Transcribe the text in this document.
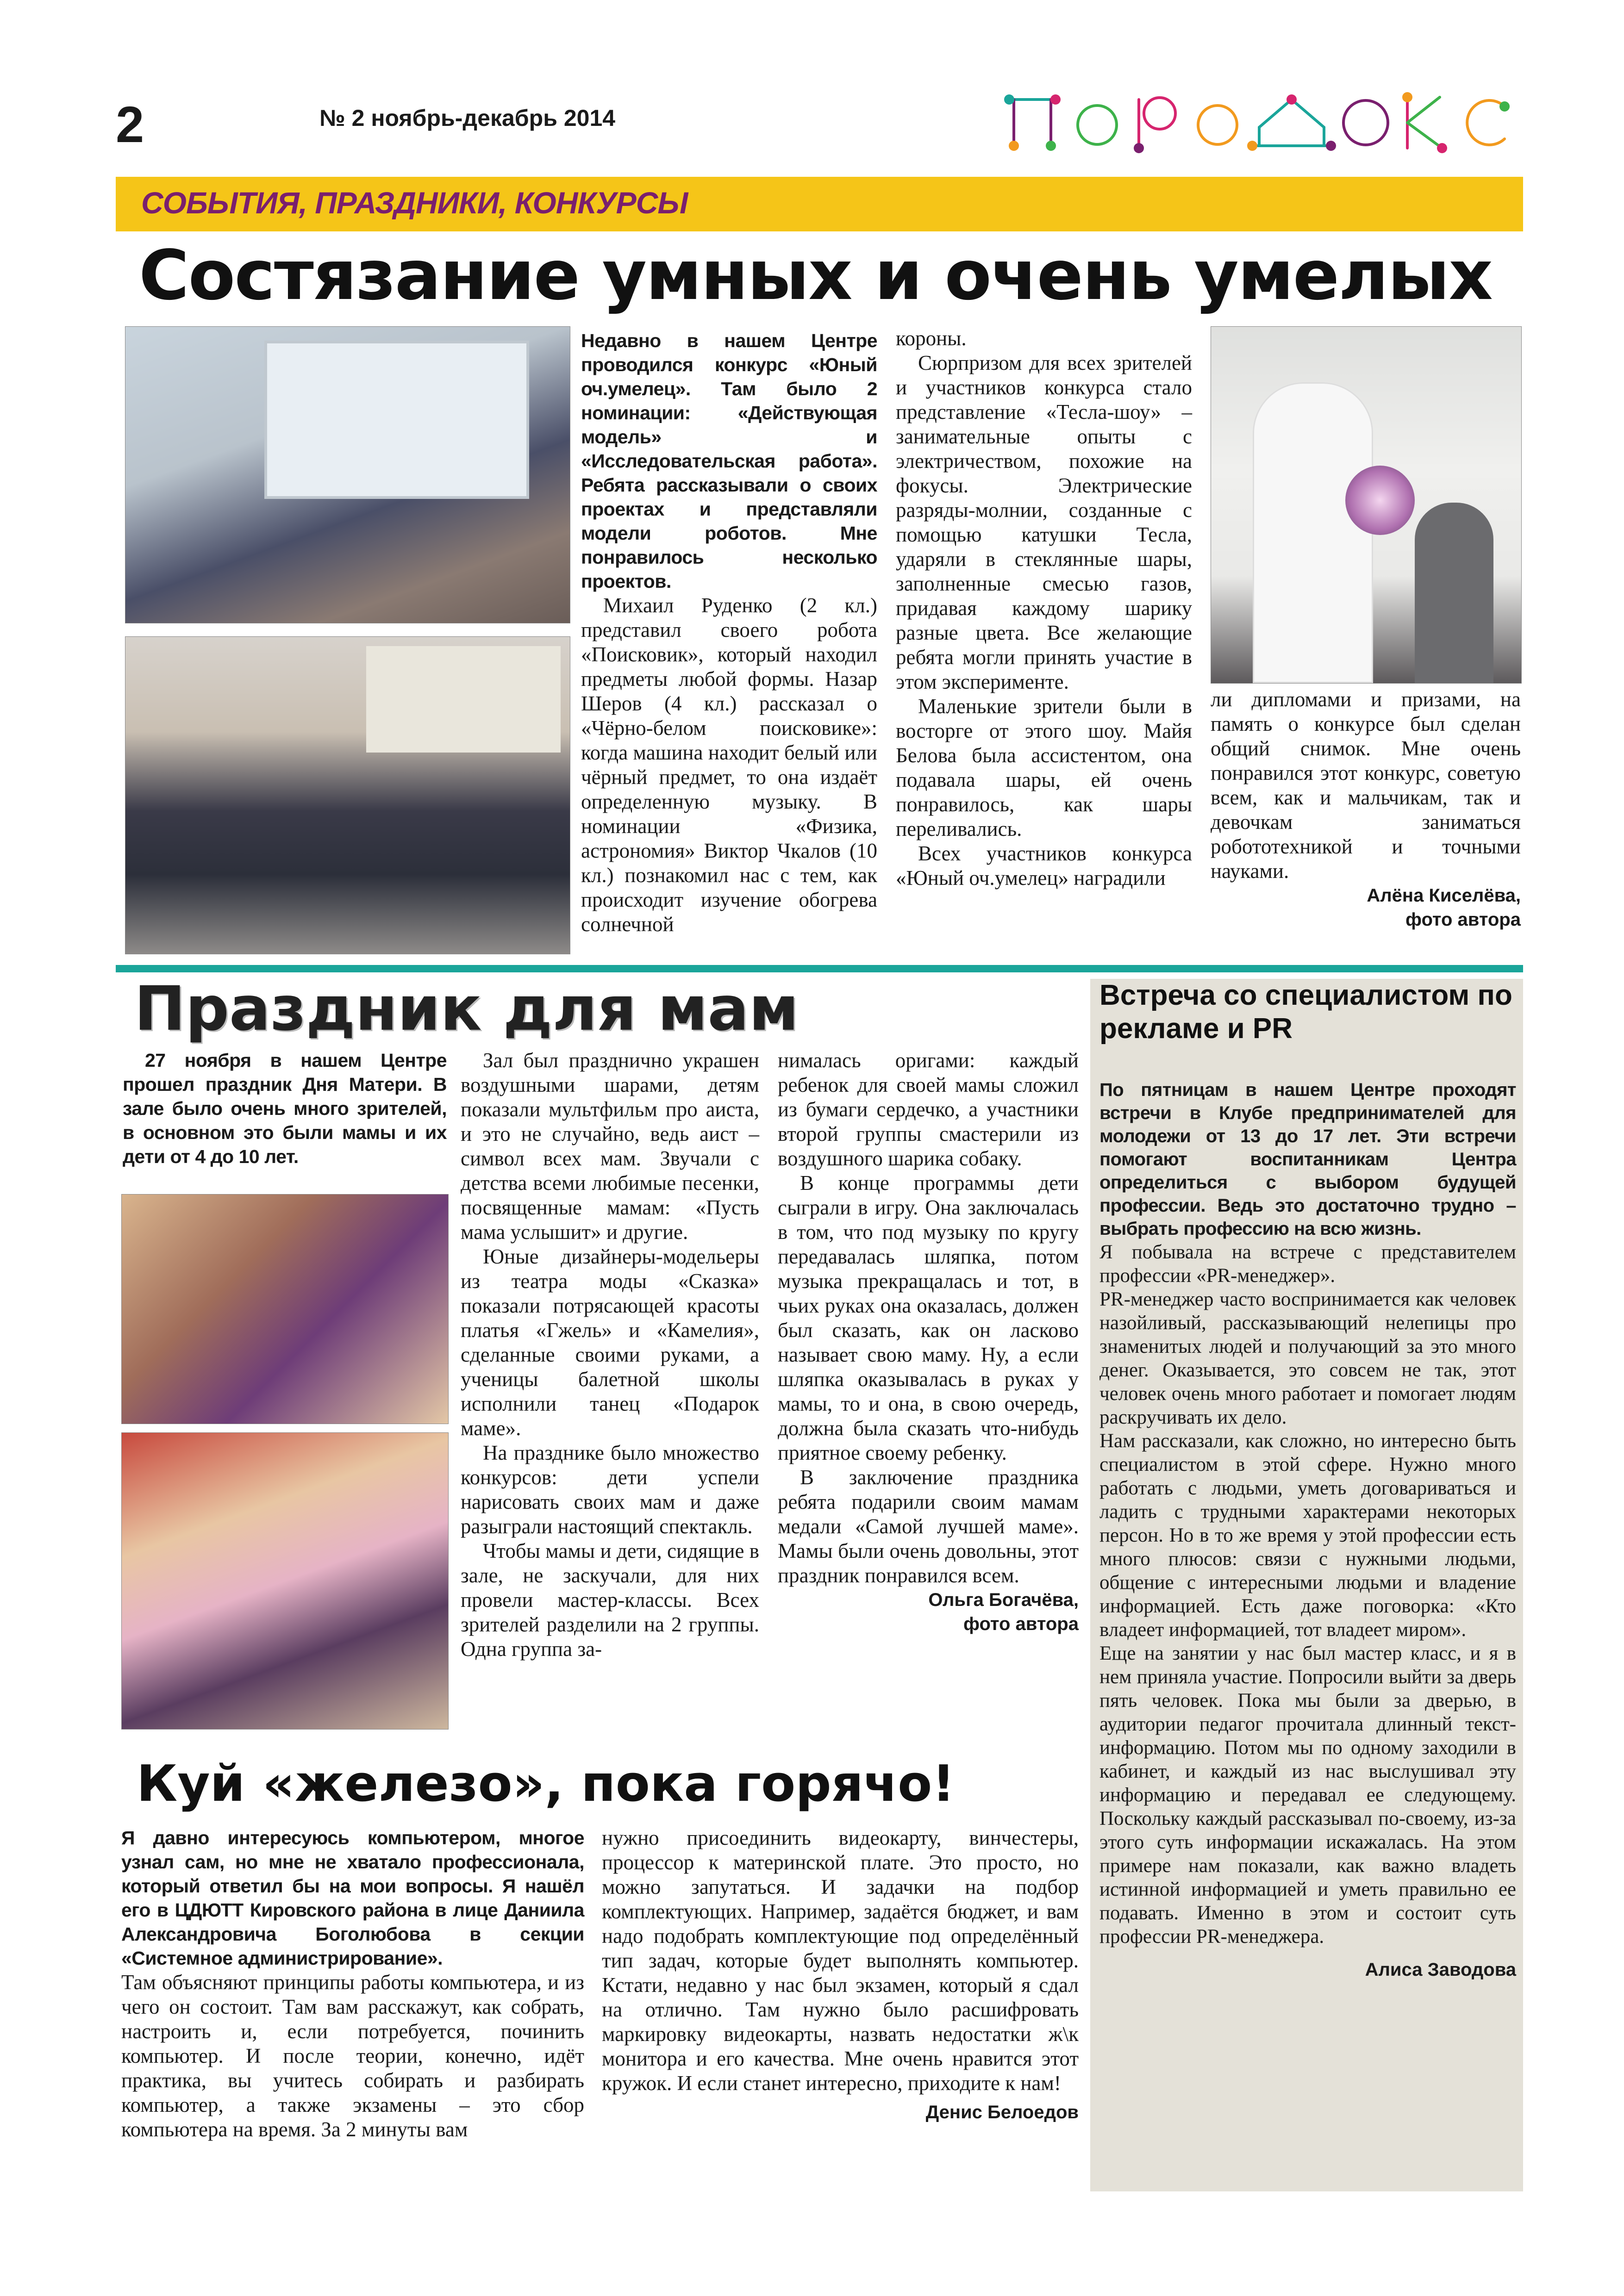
2	№ 2 ноябрь-декабрь 2014
СОБЫТИЯ, ПРАЗДНИКИ, КОНКУРСЫ
Состязание умных и очень умелых

Недавно в нашем Центре проводился конкурс «Юный оч.умелец». Там было 2 номинации: «Действующая модель» и «Исследовательская работа». Ребята рассказывали о своих проектах и представляли модели роботов. Мне понравилось несколько проектов.

Михаил Руденко (2 кл.) представил своего робота «Поисковик», который находил предметы любой формы. Назар Шеров (4 кл.) рассказал о «Чёрно-белом поисковике»: когда машина находит белый или чёрный предмет, то она издаёт определенную музыку. В номинации «Физика, астрономия» Виктор Чкалов (10 кл.) познакомил нас с тем, как происходит изучение обогрева солнечной

короны.

Сюрпризом для всех зрителей и участников конкурса стало представление «Тесла-шоу» – занимательные опыты с электричеством, похожие на фокусы. Электрические разряды-молнии, созданные с помощью катушки Тесла, ударяли в стеклянные шары, заполненные смесью газов, придавая каждому шарику разные цвета. Все желающие ребята могли принять участие в этом эксперименте.

Маленькие зрители были в восторге от этого шоу. Майя Белова была ассистентом, она подавала шары, ей очень понравилось, как шары переливались.

Всех участников конкурса «Юный оч.умелец» наградили

ли дипломами и призами, на память о конкурсе был сделан общий снимок. Мне очень понравился этот конкурс, советую всем, как и мальчикам, так и девочкам заниматься робототехникой и точными науками.

Алёна Киселёва,
фото автора
Праздник для мам

27 ноября в нашем Центре прошел праздник Дня Матери. В зале было очень много зрителей, в основном это были мамы и их дети от 4 до 10 лет.

Зал был празднично украшен воздушными шарами, детям показали мультфильм про аиста, и это не случайно, ведь аист – символ всех мам. Звучали с детства всеми любимые песенки, посвященные мамам: «Пусть мама услышит» и другие.

Юные дизайнеры-модельеры из театра моды «Сказка» показали потрясающей красоты платья «Гжель» и «Камелия», сделанные своими руками, а ученицы балетной школы исполнили танец «Подарок маме».

На празднике было множество конкурсов: дети успели нарисовать своих мам и даже разыграли настоящий спектакль.

Чтобы мамы и дети, сидящие в зале, не заскучали, для них провели мастер-классы. Всех зрителей разделили на 2 группы. Одна группа за-

нималась оригами: каждый ребенок для своей мамы сложил из бумаги сердечко, а участники второй группы смастерили из воздушного шарика собаку.

В конце программы дети сыграли в игру. Она заключалась в том, что под музыку по кругу передавалась шляпка, потом музыка прекращалась и тот, в чьих руках она оказалась, должен был сказать, как он ласково называет свою маму. Ну, а если шляпка оказывалась в руках у мамы, то и она, в свою очередь, должна была сказать что-нибудь приятное своему ребенку.

В заключение праздника ребята подарили своим мамам медали «Самой лучшей маме». Мамы были очень довольны, этот праздник понравился всем.

Ольга Богачёва,
фото автора
Встреча со специалистом по рекламе и PR

По пятницам в нашем Центре проходят встречи в Клубе предпринимателей для молодежи от 13 до 17 лет. Эти встречи помогают воспитанникам Центра определиться с выбором будущей профессии. Ведь это достаточно трудно – выбрать профессию на всю жизнь.

Я побывала на встрече с представителем профессии «PR-менеджер».

PR-менеджер часто воспринимается как человек назойливый, рассказывающий нелепицы про знаменитых людей и получающий за это много денег. Оказывается, это совсем не так, этот человек очень много работает и помогает людям раскручивать их дело.

Нам рассказали, как сложно, но интересно быть специалистом в этой сфере. Нужно много работать с людьми, уметь договариваться и ладить с трудными характерами некоторых персон. Но в то же время у этой профессии есть много плюсов: связи с нужными людьми, общение с интересными людьми и владение информацией. Есть даже поговорка: «Кто владеет информацией, тот владеет миром».

Еще на занятии у нас был мастер класс, и я в нем приняла участие. Попросили выйти за дверь пять человек. Пока мы были за дверью, в аудитории педагог прочитала длинный текст-информацию. Потом мы по одному заходили в кабинет, и каждый из нас выслушивал эту информацию и передавал ее следующему. Поскольку каждый рассказывал по-своему, из-за этого суть информации искажалась. На этом примере нам показали, как важно владеть истинной информацией и уметь правильно ее подавать. Именно в этом и состоит суть профессии PR-менеджера.

Алиса Заводова
Куй «железо», пока горячо!

Я давно интересуюсь компьютером, многое узнал сам, но мне не хватало профессионала, который ответил бы на мои вопросы. Я нашёл его в ЦДЮТТ Кировского района в лице Даниила Александровича Боголюбова в секции «Системное администрирование».

Там объясняют принципы работы компьютера, и из чего он состоит. Там вам расскажут, как собрать, настроить и, если потребуется, починить компьютер. И после теории, конечно, идёт практика, вы учитесь собирать и разбирать компьютер, а также экзамены – это сбор компьютера на время. За 2 минуты вам

нужно присоединить видеокарту, винчестеры, процессор к материнской плате. Это просто, но можно запутаться. И задачки на подбор комплектующих. Например, задаётся бюджет, и вам надо подобрать комплектующие под определённый тип задач, которые будет выполнять компьютер. Кстати, недавно у нас был экзамен, который я сдал на отлично. Там нужно было расшифровать маркировку видеокарты, назвать недостатки ж\к монитора и его качества. Мне очень нравится этот кружок. И если станет интересно, приходите к нам!

Денис Белоедов
